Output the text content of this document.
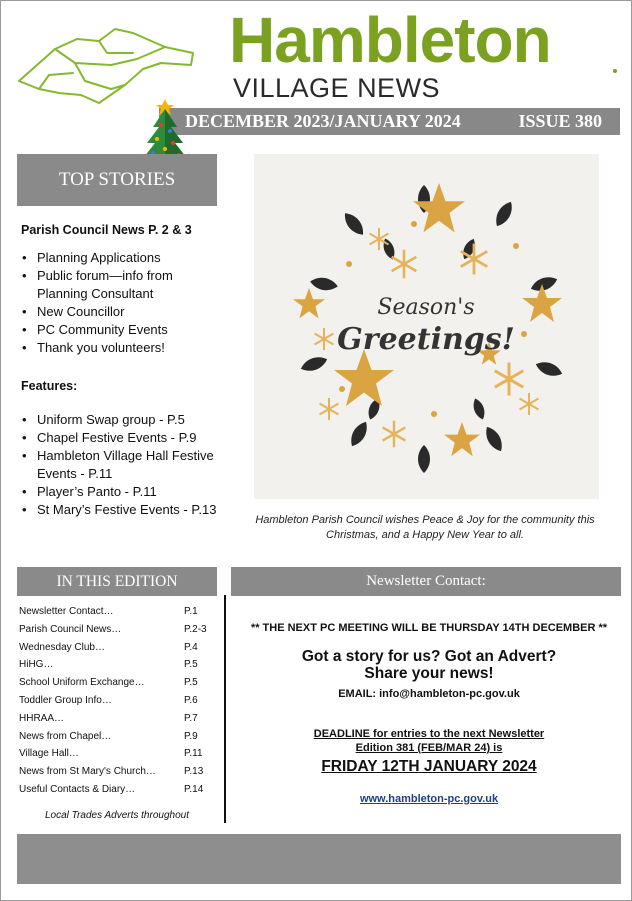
Hambleton
VILLAGE NEWS
DECEMBER 2023/JANUARY 2024	ISSUE 380
TOP STORIES
Parish Council News P. 2 & 3
• Planning Applications
• Public forum—info from Planning Consultant
• New Councillor
• PC Community Events
• Thank you volunteers!
Features:
• Uniform Swap group - P.5
• Chapel Festive Events - P.9
• Hambleton Village Hall Festive Events - P.11
• Player’s Panto - P.11
• St Mary’s Festive Events - P.13
Season's
Greetings!
Hambleton Parish Council wishes Peace & Joy for the community this Christmas, and a Happy New Year to all.
IN THIS EDITION
Newsletter Contact…	P.1
Parish Council News…	P.2-3
Wednesday Club…	P.4
HiHG…	P.5
School Uniform Exchange…	P.5
Toddler Group Info…	P.6
HHRAA…	P.7
News from Chapel…	P.9
Village Hall…	P.11
News from St Mary's Church…	P.13
Useful Contacts & Diary…	P.14
Local Trades Adverts throughout
Newsletter Contact:
** THE NEXT PC MEETING WILL BE THURSDAY 14TH DECEMBER **
Got a story for us? Got an Advert?
Share your news!
EMAIL: info@hambleton-pc.gov.uk
DEADLINE for entries to the next Newsletter
Edition 381 (FEB/MAR 24) is
FRIDAY 12TH JANUARY 2024
www.hambleton-pc.gov.uk
